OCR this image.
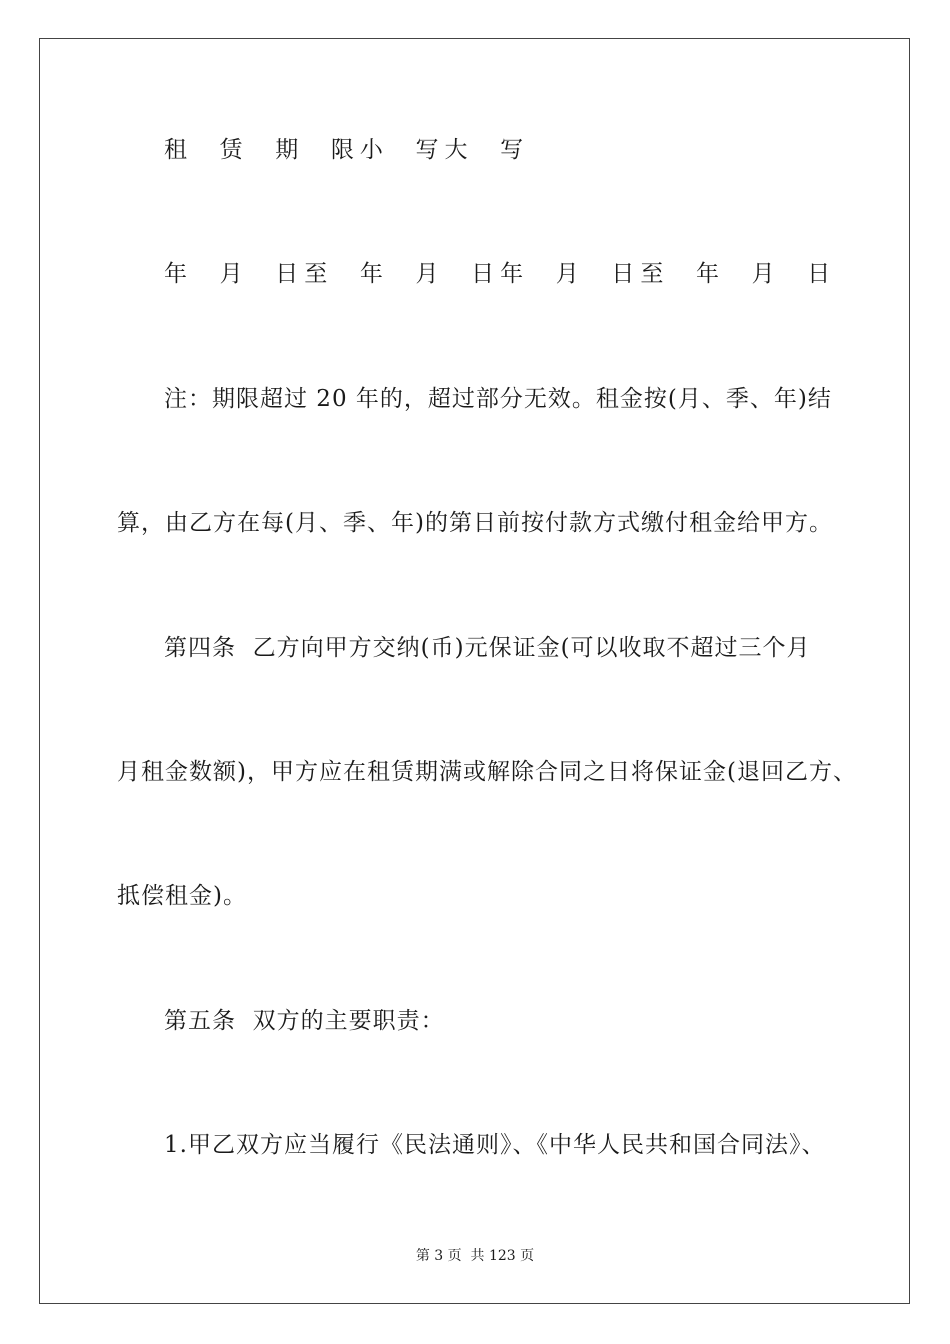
租  赁  期  限小  写大  写
年  月  日至  年  月  日年  月  日至  年  月  日
注：期限超过 20 年的，超过部分无效。租金按(月、季、年)结
算，由乙方在每(月、季、年)的第日前按付款方式缴付租金给甲方。
第四条  乙方向甲方交纳(币)元保证金(可以收取不超过三个月
月租金数额)，甲方应在租赁期满或解除合同之日将保证金(退回乙方、
抵偿租金)。
第五条  双方的主要职责：
1.甲乙双方应当履行《民法通则》、《中华人民共和国合同法》、
第 3 页  共 123 页
